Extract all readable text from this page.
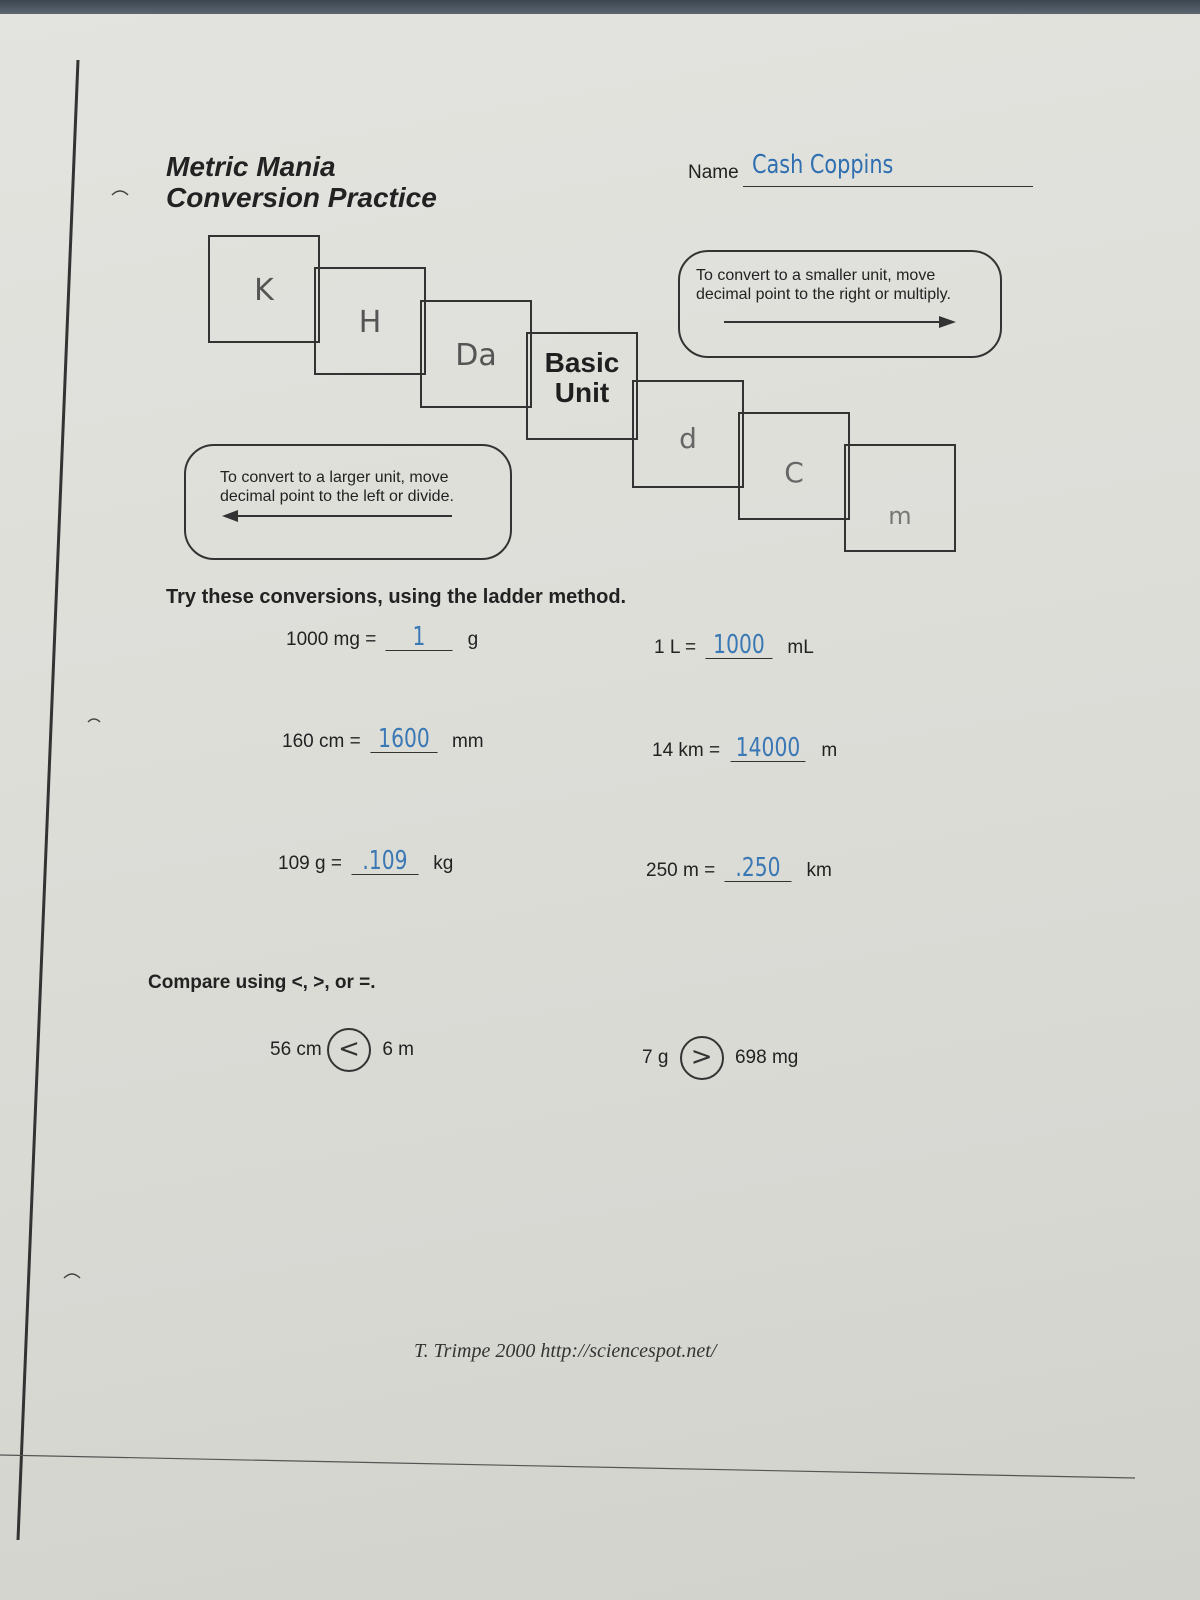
Metric Mania
Conversion Practice
Name Cash Coppins
K
H
Da	Basic
Unit
d
C
m
To convert to a smaller unit, move
decimal point to the right or multiply.
To convert to a larger unit, move
decimal point to the left or divide.
Try these conversions, using the ladder method.
1000 mg = 1 g	1 L = 1000 mL
160 cm = 1600 mm	14 km = 14000 m
109 g = .109 kg	250 m = .250 km
Compare using <, >, or =.
56 cm < 6 m	7 g > 698 mg
T. Trimpe 2000 http://sciencespot.net/
